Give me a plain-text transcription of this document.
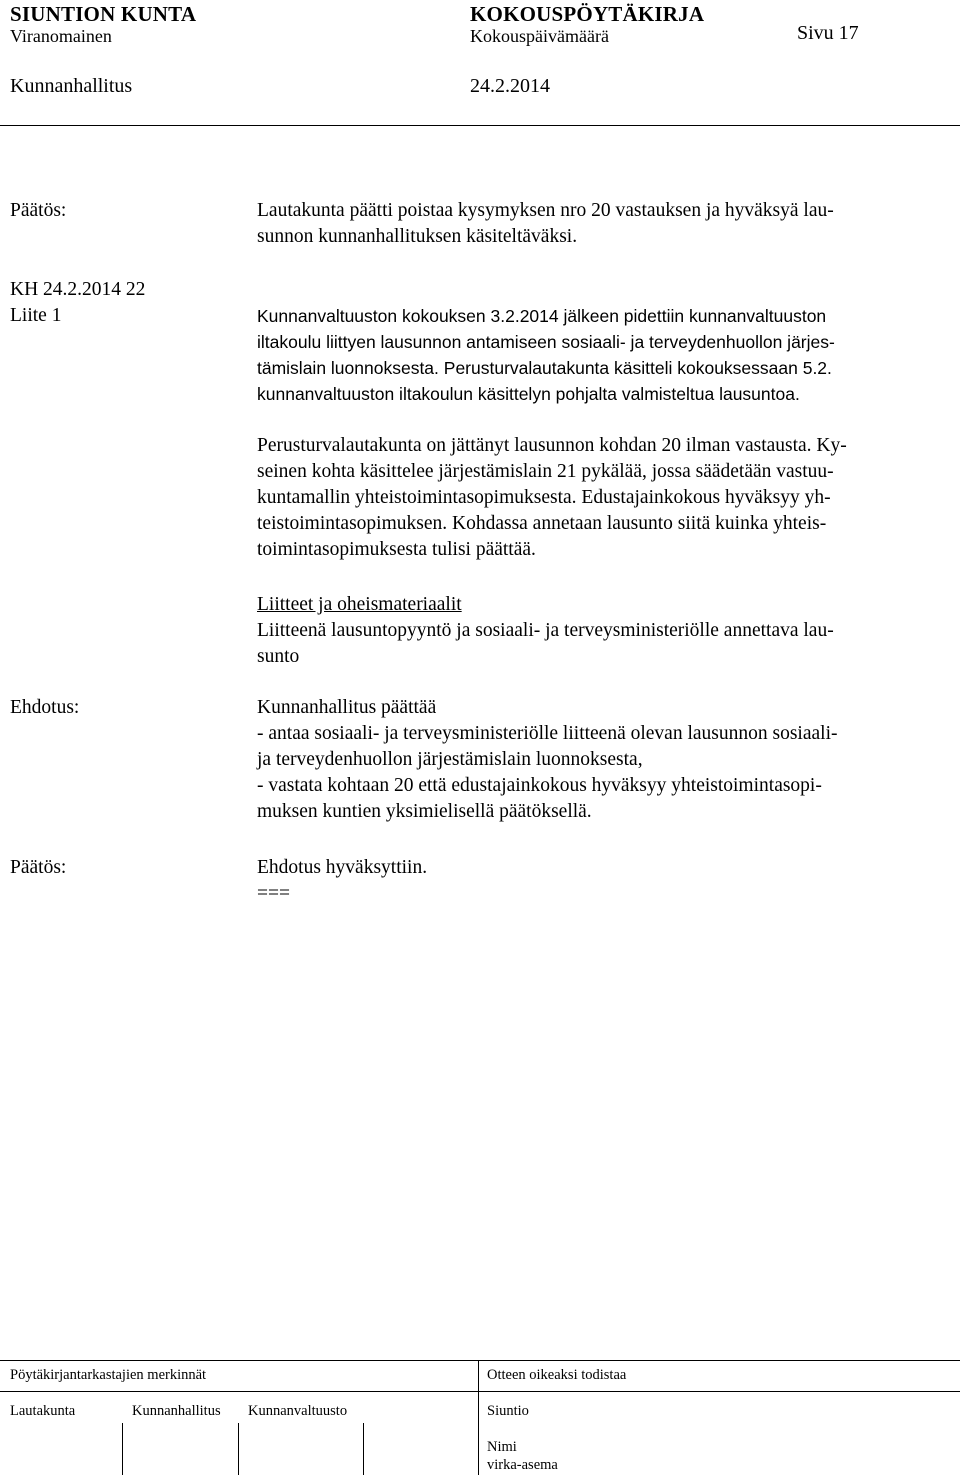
SIUNTION KUNTA	KOKOUSPÖYTÄKIRJA
Viranomainen	Kokouspäivämäärä	Sivu 17
Kunnanhallitus	24.2.2014
Päätös:	Lautakunta päätti poistaa kysymyksen nro 20 vastauksen ja hyväksyä lau-

sunnon kunnanhallituksen käsiteltäväksi.

KH 24.2.2014 22
Liite 1	Kunnanvaltuuston kokouksen 3.2.2014 jälkeen pidettiin kunnanvaltuuston

iltakoulu liittyen lausunnon antamiseen sosiaali- ja terveydenhuollon järjes-

tämislain luonnoksesta. Perusturvalautakunta käsitteli kokouksessaan 5.2.

kunnanvaltuuston iltakoulun käsittelyn pohjalta valmisteltua lausuntoa.

Perusturvalautakunta on jättänyt lausunnon kohdan 20 ilman vastausta. Ky-

seinen kohta käsittelee järjestämislain 21 pykälää, jossa säädetään vastuu-

kuntamallin yhteistoimintasopimuksesta. Edustajainkokous hyväksyy yh-

teistoimintasopimuksen. Kohdassa annetaan lausunto siitä kuinka yhteis-

toimintasopimuksesta tulisi päättää.

Liitteet ja oheismateriaalit

Liitteenä lausuntopyyntö ja sosiaali- ja terveysministeriölle annettava lau-

sunto

Ehdotus:	Kunnanhallitus päättää

- antaa sosiaali- ja terveysministeriölle liitteenä olevan lausunnon sosiaali-

ja terveydenhuollon järjestämislain luonnoksesta,

- vastata kohtaan 20 että edustajainkokous hyväksyy yhteistoimintasopi-

muksen kuntien yksimielisellä päätöksellä.

Päätös:	Ehdotus hyväksyttiin.

===

Pöytäkirjantarkastajien merkinnät	Otteen oikeaksi todistaa
Lautakunta	Kunnanhallitus Kunnanvaltuusto	Siuntio
Nimi
virka-asema
